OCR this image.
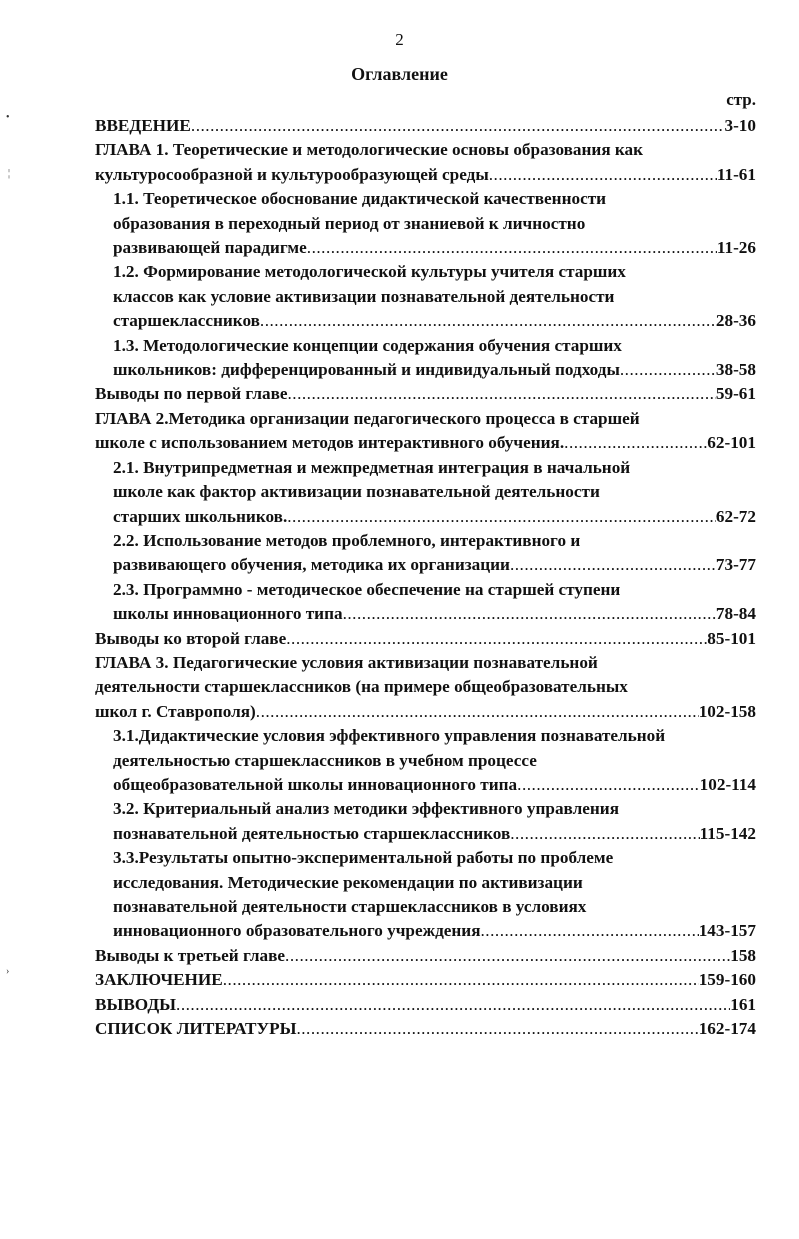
2
Оглавление
стр.
ВВЕДЕНИЕ .....	3-10
ГЛАВА 1. Теоретические и методологические основы образования как
культуросообразной и культурообразующей среды .....	11-61
1.1. Теоретическое обоснование дидактической качественности
образования в переходный период от знаниевой к личностно
развивающей парадигме .....	11-26
1.2. Формирование методологической культуры учителя старших
классов как условие активизации познавательной деятельности
старшеклассников .....	28-36
1.3. Методологические концепции содержания обучения старших
школьников: дифференцированный и индивидуальный подходы .....	38-58
Выводы по первой главе .....	59-61
ГЛАВА 2.Методика организации педагогического процесса в старшей
школе с использованием методов интерактивного обучения. .....	62-101
2.1. Внутрипредметная и межпредметная интеграция в начальной
школе как фактор активизации познавательной деятельности
старших школьников. .....	62-72
2.2. Использование методов проблемного, интерактивного и
развивающего обучения, методика их организации .....	73-77
2.3. Программно - методическое обеспечение на старшей ступени
школы инновационного типа .....	78-84
Выводы ко второй главе .....	85-101
ГЛАВА 3. Педагогические условия активизации познавательной
деятельности старшеклассников (на примере общеобразовательных
школ г. Ставрополя) .....	102-158
3.1.Дидактические условия эффективного управления познавательной
деятельностью старшеклассников в учебном процессе
общеобразовательной школы инновационного типа .....	102-114
3.2. Критериальный анализ методики эффективного управления
познавательной деятельностью старшеклассников .....	115-142
3.3.Результаты опытно-экспериментальной работы по проблеме
исследования. Методические рекомендации по активизации
познавательной деятельности старшеклассников в условиях
инновационного образовательного учреждения .....	143-157
Выводы к третьей главе .....	158
ЗАКЛЮЧЕНИЕ .....	159-160
ВЫВОДЫ .....	161
СПИСОК ЛИТЕРАТУРЫ .....	162-174
•
¦
›
